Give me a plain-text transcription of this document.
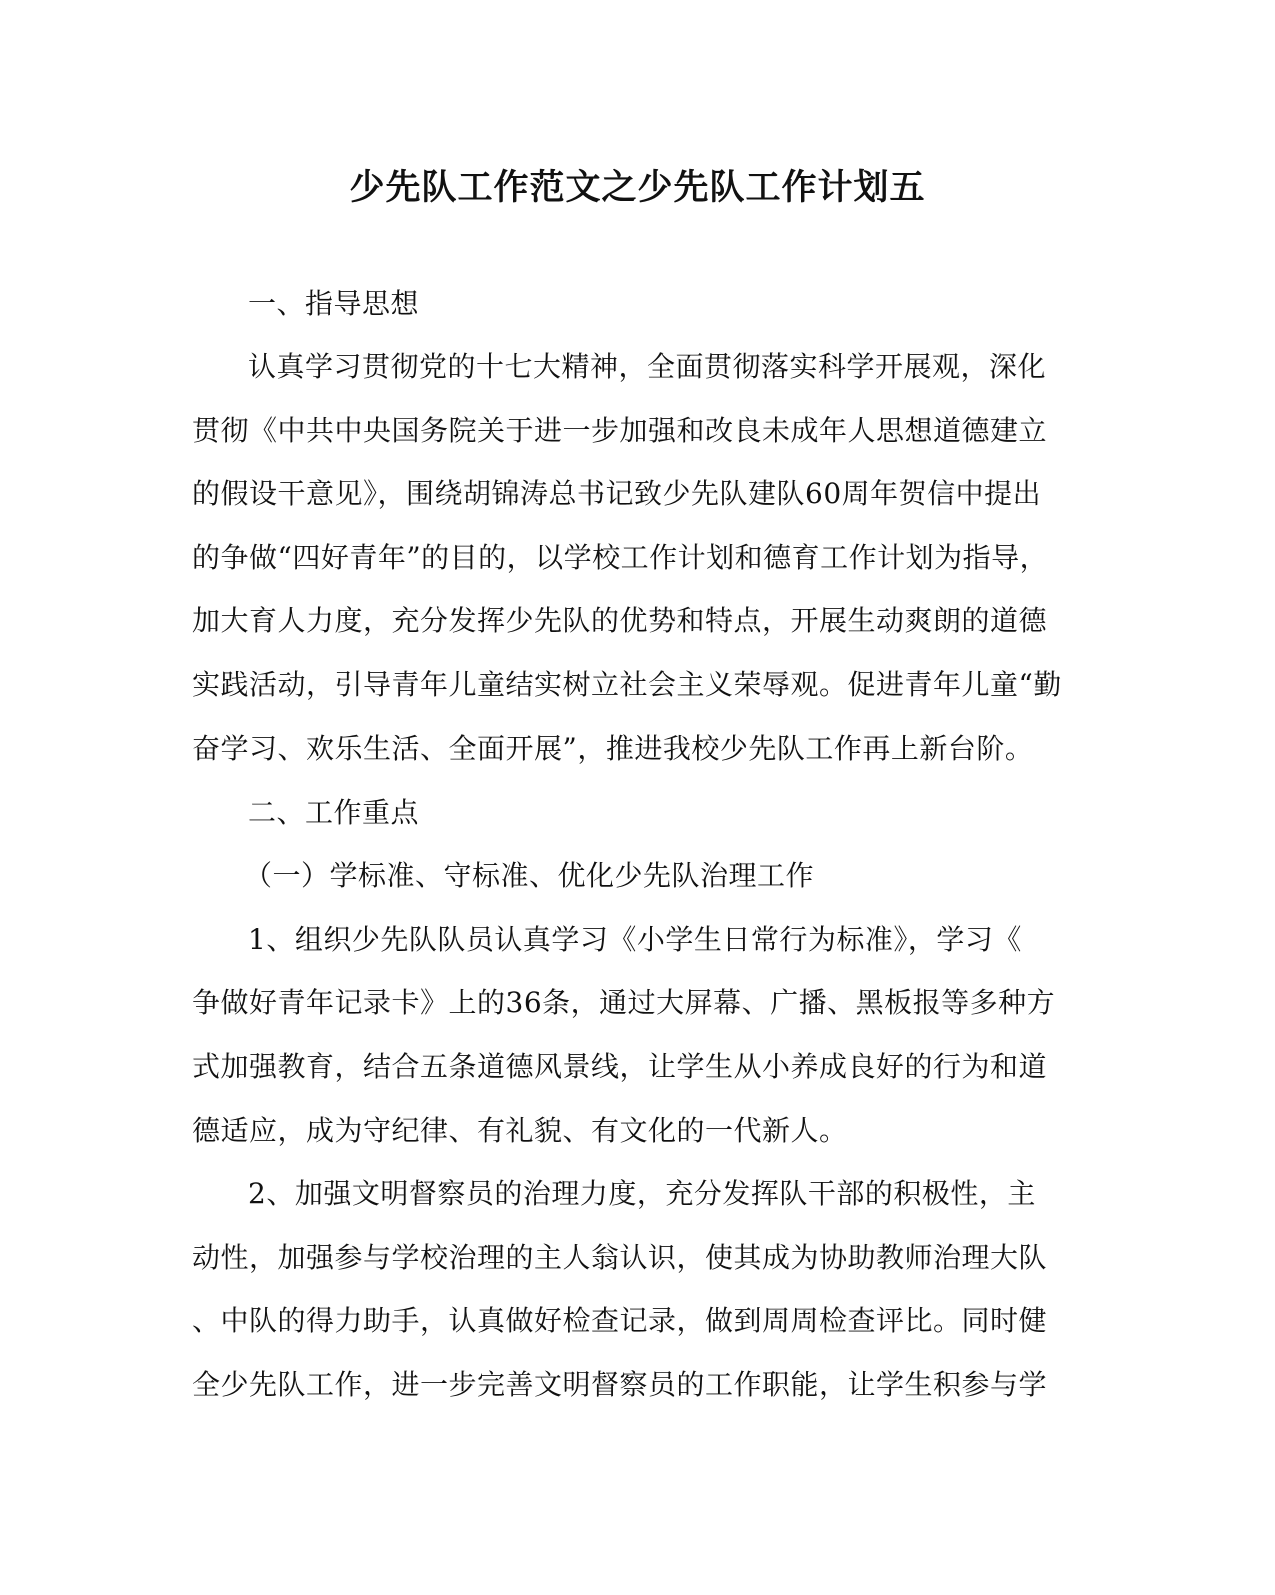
少先队工作范文之少先队工作计划五
一、指导思想
认真学习贯彻党的十七大精神，全面贯彻落实科学开展观，深化
贯彻《中共中央国务院关于进一步加强和改良未成年人思想道德建立
的假设干意见》，围绕胡锦涛总书记致少先队建队60周年贺信中提出
的争做“四好青年”的目的，以学校工作计划和德育工作计划为指导，
加大育人力度，充分发挥少先队的优势和特点，开展生动爽朗的道德
实践活动，引导青年儿童结实树立社会主义荣辱观。促进青年儿童“勤
奋学习、欢乐生活、全面开展”，推进我校少先队工作再上新台阶。
二、工作重点
（一）学标准、守标准、优化少先队治理工作
1、组织少先队队员认真学习《小学生日常行为标准》，学习《
争做好青年记录卡》上的36条，通过大屏幕、广播、黑板报等多种方
式加强教育，结合五条道德风景线，让学生从小养成良好的行为和道
德适应，成为守纪律、有礼貌、有文化的一代新人。
2、加强文明督察员的治理力度，充分发挥队干部的积极性，主
动性，加强参与学校治理的主人翁认识，使其成为协助教师治理大队
、中队的得力助手，认真做好检查记录，做到周周检查评比。同时健
全少先队工作，进一步完善文明督察员的工作职能，让学生积参与学
